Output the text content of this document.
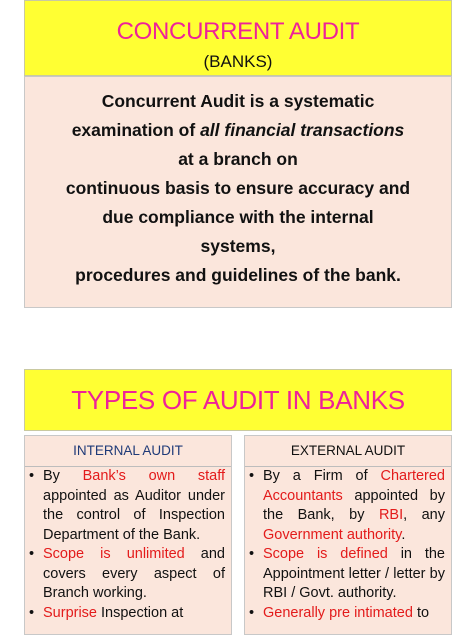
CONCURRENT AUDIT
(BANKS)
Concurrent Audit is a systematic
examination of all financial transactions
at a branch on
continuous basis to ensure accuracy and
due compliance with the internal
systems,
procedures and guidelines of the bank.
TYPES OF AUDIT IN BANKS
INTERNAL AUDIT
• By Bank’s own staff appointed as Auditor under the control of Inspection Department of the Bank.
• Scope is unlimited and covers every aspect of Branch working.
• Surprise Inspection at
EXTERNAL AUDIT
• By a Firm of Chartered Accountants appointed by the Bank, by RBI, any Government authority.
• Scope is defined in the Appointment letter / letter by RBI / Govt. authority.
• Generally pre intimated to
